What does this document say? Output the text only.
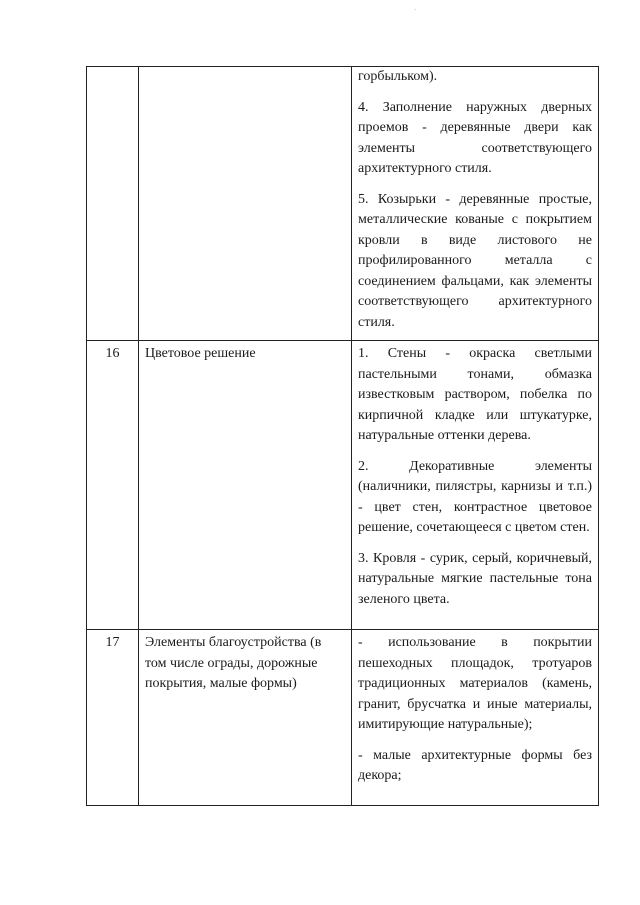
·

		горбыльком).

4. Заполнение наружных дверных проемов - деревянные двери как элементы соответствующего архитектурного стиля.

5. Козырьки - деревянные простые, металлические кованые с покрытием кровли в виде листового не профилированного металла с соединением фальцами, как элементы соответствующего архитектурного стиля.

16	Цветовое решение	1. Стены - окраска светлыми пастельными тонами, обмазка известковым раствором, побелка по кирпичной кладке или штукатурке, натуральные оттенки дерева.

2. Декоративные элементы (наличники, пилястры, карнизы и т.п.) - цвет стен, контрастное цветовое решение, сочетающееся с цветом стен.

3. Кровля - сурик, серый, коричневый, натуральные мягкие пастельные тона зеленого цвета.

17	Элементы благоустройства (в том числе ограды, дорожные покрытия, малые формы)	- использование в покрытии пешеходных площадок, тротуаров традиционных материалов (камень, гранит, брусчатка и иные материалы, имитирующие натуральные);

- малые архитектурные формы без декора;
